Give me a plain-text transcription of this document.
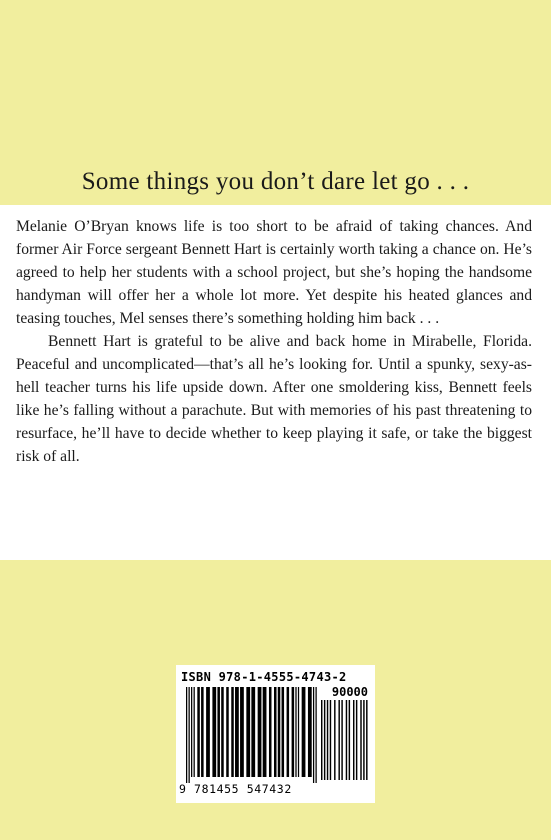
Some things you don’t dare let go . . .

Melanie O’Bryan knows life is too short to be afraid of taking chances. And former Air Force sergeant Bennett Hart is certainly worth taking a chance on. He’s agreed to help her students with a school project, but she’s hoping the handsome handyman will offer her a whole lot more. Yet despite his heated glances and teasing touches, Mel senses there’s something holding him back . . .

Bennett Hart is grateful to be alive and back home in Mirabelle, Florida. Peaceful and uncomplicated—that’s all he’s looking for. Until a spunky, sexy-as-hell teacher turns his life upside down. After one smoldering kiss, Bennett feels like he’s falling without a parachute. But with memories of his past threatening to resurface, he’ll have to decide whether to keep playing it safe, or take the biggest risk of all.

ISBN 978-1-4555-4743-2
90000
9 781455 547432
